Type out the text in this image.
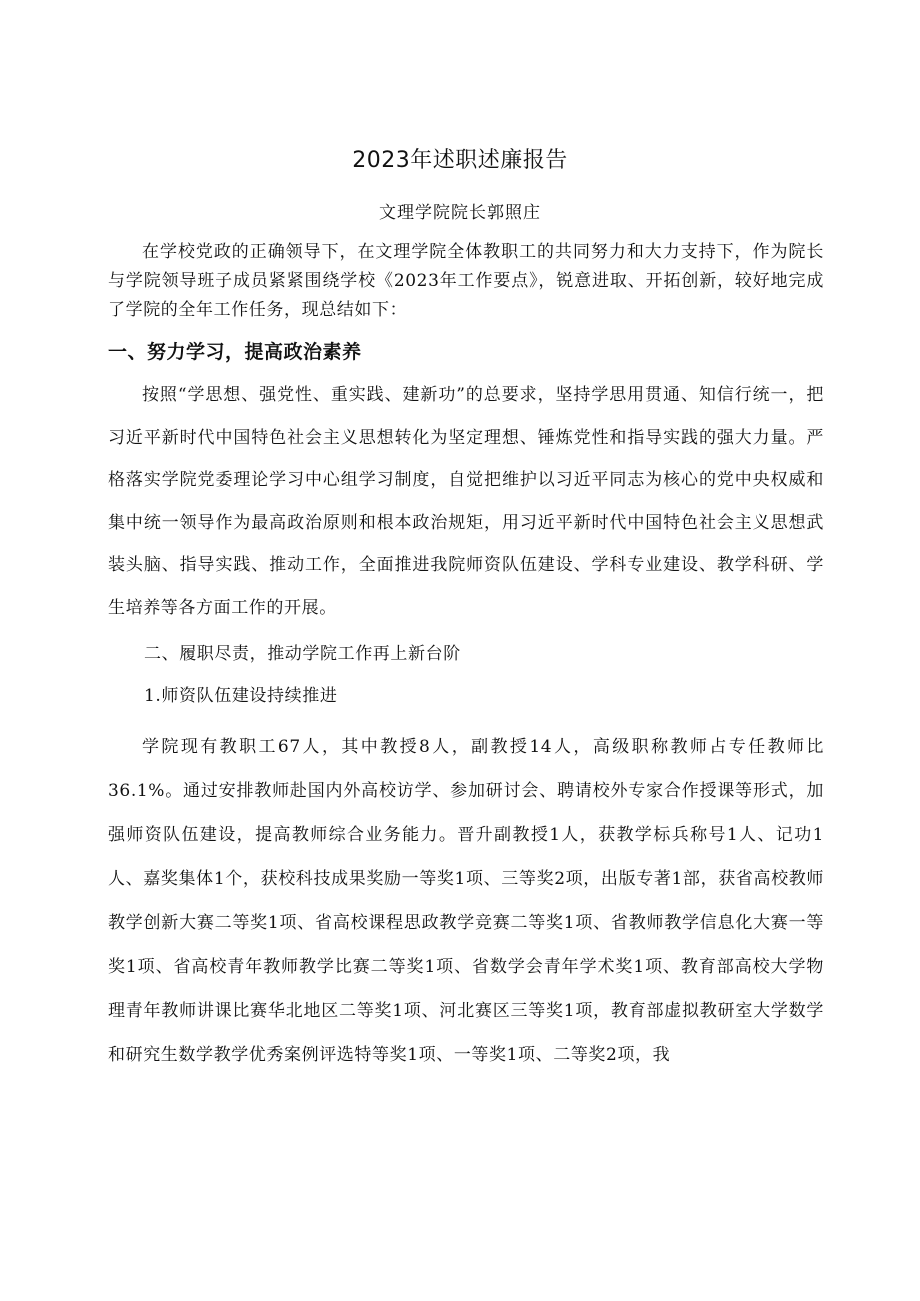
2023年述职述廉报告
文理学院院长郭照庄

在学校党政的正确领导下，在文理学院全体教职工的共同努力和大力支持下，作为院长与学院领导班子成员紧紧围绕学校《2023年工作要点》，锐意进取、开拓创新，较好地完成了学院的全年工作任务，现总结如下：

一、努力学习，提高政治素养

按照“学思想、强党性、重实践、建新功”的总要求，坚持学思用贯通、知信行统一，把习近平新时代中国特色社会主义思想转化为坚定理想、锤炼党性和指导实践的强大力量。严格落实学院党委理论学习中心组学习制度，自觉把维护以习近平同志为核心的党中央权威和集中统一领导作为最高政治原则和根本政治规矩，用习近平新时代中国特色社会主义思想武装头脑、指导实践、推动工作，全面推进我院师资队伍建设、学科专业建设、教学科研、学生培养等各方面工作的开展。

二、履职尽责，推动学院工作再上新台阶
1.师资队伍建设持续推进

学院现有教职工67人，其中教授8人，副教授14人，高级职称教师占专任教师比36.1%。通过安排教师赴国内外高校访学、参加研讨会、聘请校外专家合作授课等形式，加强师资队伍建设，提高教师综合业务能力。晋升副教授1人，获教学标兵称号1人、记功1人、嘉奖集体1个，获校科技成果奖励一等奖1项、三等奖2项，出版专著1部，获省高校教师教学创新大赛二等奖1项、省高校课程思政教学竞赛二等奖1项、省教师教学信息化大赛一等奖1项、省高校青年教师教学比赛二等奖1项、省数学会青年学术奖1项、教育部高校大学物理青年教师讲课比赛华北地区二等奖1项、河北赛区三等奖1项，教育部虚拟教研室大学数学和研究生数学教学优秀案例评选特等奖1项、一等奖1项、二等奖2项，我
